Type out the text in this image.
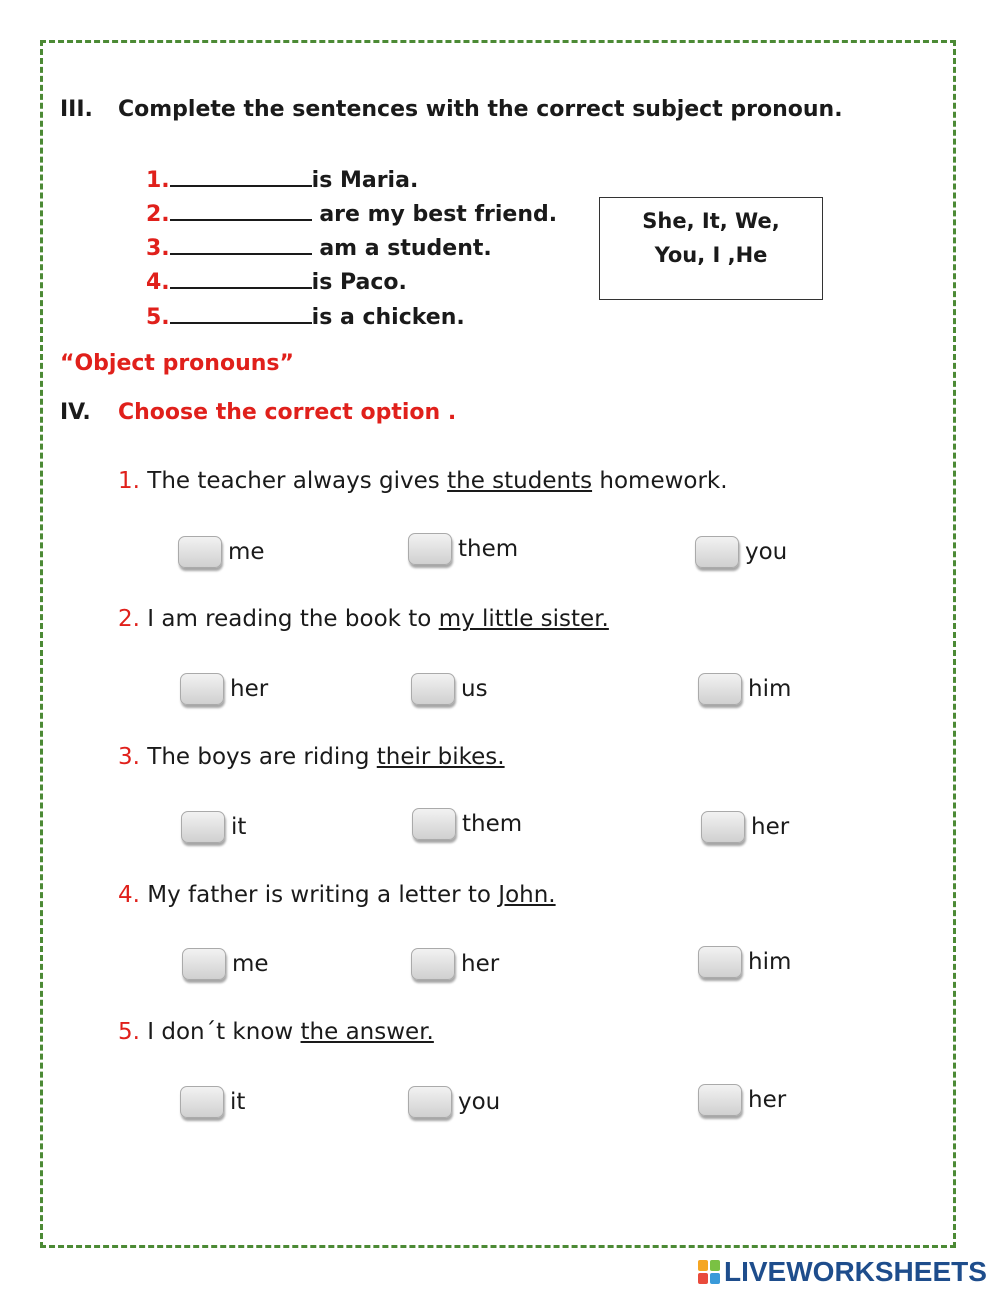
III. Complete the sentences with the correct subject pronoun.
1.	is Maria.
2.	are my best friend.
3.	am a student.
4.	is Paco.
5.	is a chicken.
She, It, We,
You, I ,He
“Object pronouns”
IV. Choose the correct option .
1. The teacher always gives the students homework.
me	them	you
2. I am reading the book to my little sister.
her	us	him
3. The boys are riding their bikes.
it	them	her
4. My father is writing a letter to John.
me	her	him
5. I don´t know the answer.
it	you	her
LIVEWORKSHEETS
